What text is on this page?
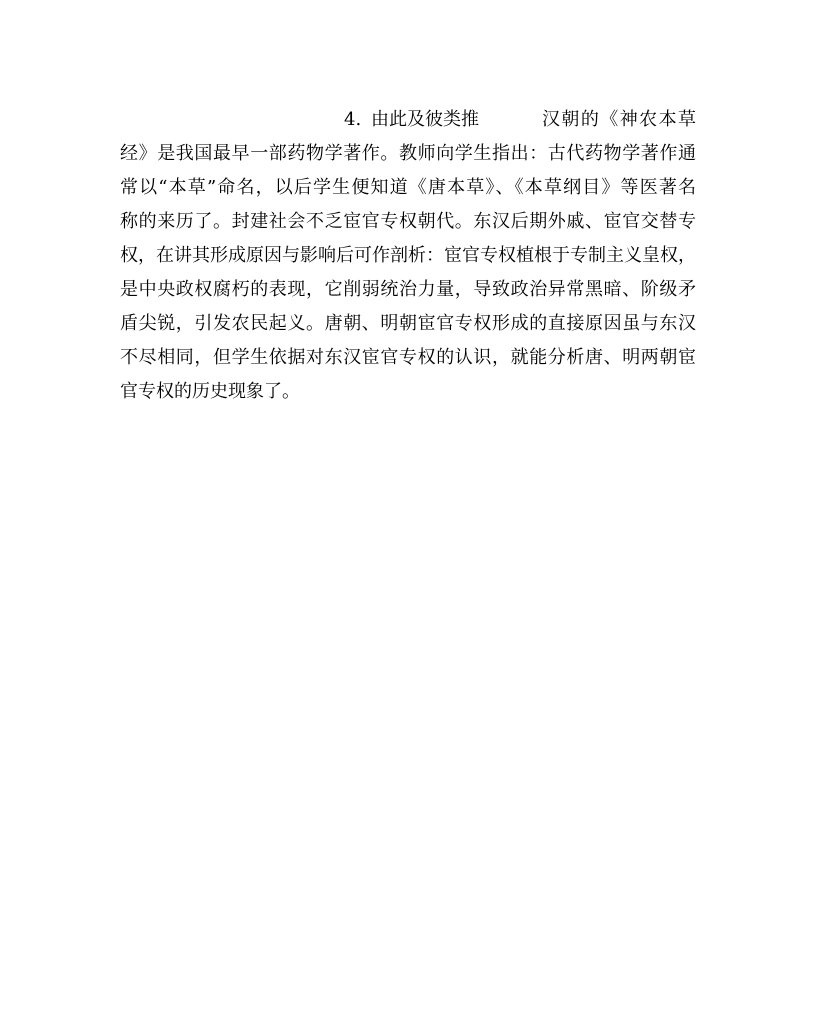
4. 由此及彼类推	汉朝的《神农本草
经》是我国最早一部药物学著作。教师向学生指出：古代药物学著作通
常以“本草”命名，以后学生便知道《唐本草》、《本草纲目》等医著名
称的来历了。封建社会不乏宦官专权朝代。东汉后期外戚、宦官交替专
权，在讲其形成原因与影响后可作剖析：宦官专权植根于专制主义皇权，
是中央政权腐朽的表现，它削弱统治力量，导致政治异常黑暗、阶级矛
盾尖锐，引发农民起义。唐朝、明朝宦官专权形成的直接原因虽与东汉
不尽相同，但学生依据对东汉宦官专权的认识，就能分析唐、明两朝宦
官专权的历史现象了。
